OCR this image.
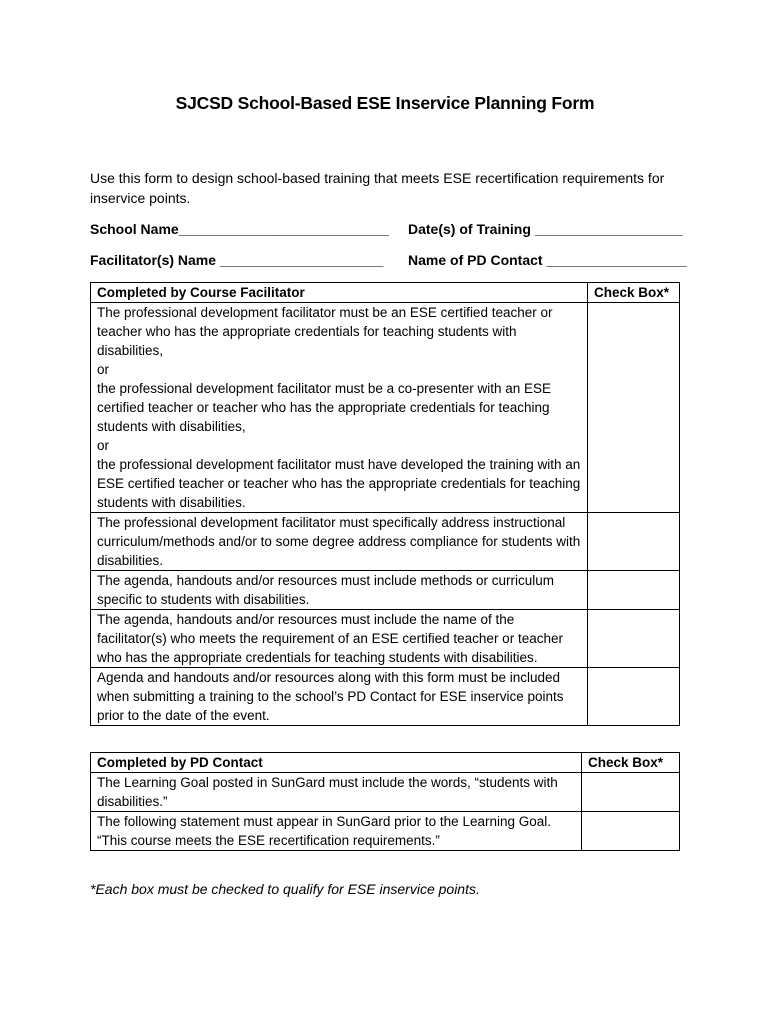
SJCSD School-Based ESE Inservice Planning Form
Use this form to design school-based training that meets ESE recertification requirements for inservice points.
School Name___________________________ Date(s) of Training ___________________
Facilitator(s) Name _____________________ Name of PD Contact __________________
Completed by Course Facilitator	Check Box*
The professional development facilitator must be an ESE certified teacher or teacher who has the appropriate credentials for teaching students with disabilities,
or
the professional development facilitator must be a co-presenter with an ESE certified teacher or teacher who has the appropriate credentials for teaching students with disabilities,
or
the professional development facilitator must have developed the training with an ESE certified teacher or teacher who has the appropriate credentials for teaching students with disabilities.	
The professional development facilitator must specifically address instructional curriculum/methods and/or to some degree address compliance for students with disabilities.	
The agenda, handouts and/or resources must include methods or curriculum specific to students with disabilities.	
The agenda, handouts and/or resources must include the name of the facilitator(s) who meets the requirement of an ESE certified teacher or teacher who has the appropriate credentials for teaching students with disabilities.	
Agenda and handouts and/or resources along with this form must be included when submitting a training to the school’s PD Contact for ESE inservice points prior to the date of the event.	
Completed by PD Contact	Check Box*
The Learning Goal posted in SunGard must include the words, “students with disabilities.”	
The following statement must appear in SunGard prior to the Learning Goal. “This course meets the ESE recertification requirements.”	
*Each box must be checked to qualify for ESE inservice points.
